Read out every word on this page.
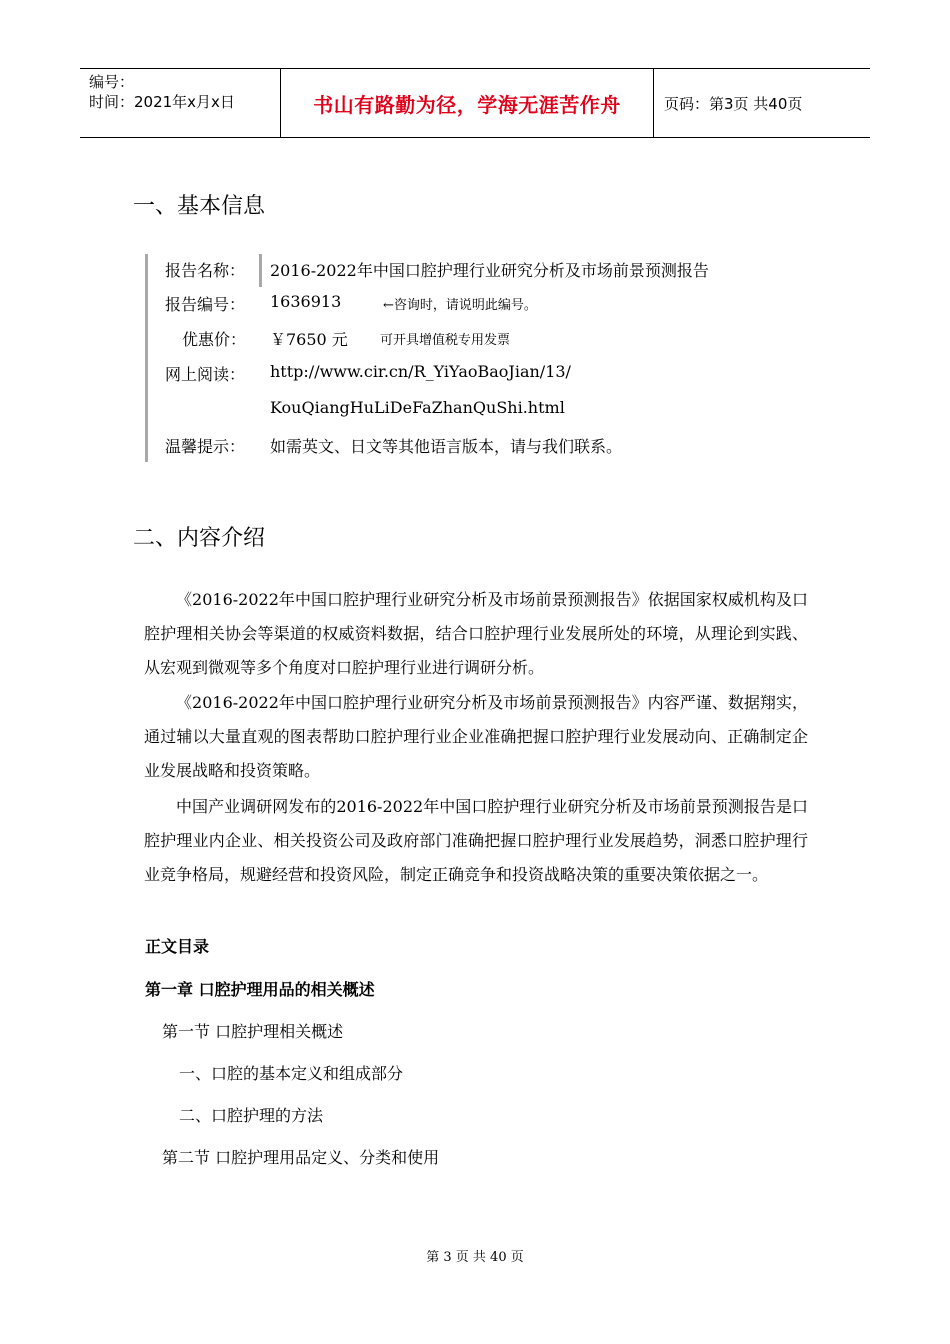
编号：
时间：2021年x月x日	书山有路勤为径，学海无涯苦作舟	页码：第3页 共40页
一、基本信息
报告名称： 2016-2022年中国口腔护理行业研究分析及市场前景预测报告
报告编号： 1636913	←咨询时，请说明此编号。
优惠价： ￥7650 元 可开具增值税专用发票
网上阅读： http://www.cir.cn/R_YiYaoBaoJian/13/
KouQiangHuLiDeFaZhanQuShi.html
温馨提示： 如需英文、日文等其他语言版本，请与我们联系。
二、内容介绍

《2016-2022年中国口腔护理行业研究分析及市场前景预测报告》依据国家权威机构及口腔护理相关协会等渠道的权威资料数据，结合口腔护理行业发展所处的环境，从理论到实践、从宏观到微观等多个角度对口腔护理行业进行调研分析。

《2016-2022年中国口腔护理行业研究分析及市场前景预测报告》内容严谨、数据翔实，通过辅以大量直观的图表帮助口腔护理行业企业准确把握口腔护理行业发展动向、正确制定企业发展战略和投资策略。

中国产业调研网发布的2016-2022年中国口腔护理行业研究分析及市场前景预测报告是口腔护理业内企业、相关投资公司及政府部门准确把握口腔护理行业发展趋势，洞悉口腔护理行业竞争格局，规避经营和投资风险，制定正确竞争和投资战略决策的重要决策依据之一。

正文目录
第一章 口腔护理用品的相关概述
第一节 口腔护理相关概述
一、口腔的基本定义和组成部分
二、口腔护理的方法
第二节 口腔护理用品定义、分类和使用
第 3 页 共 40 页
